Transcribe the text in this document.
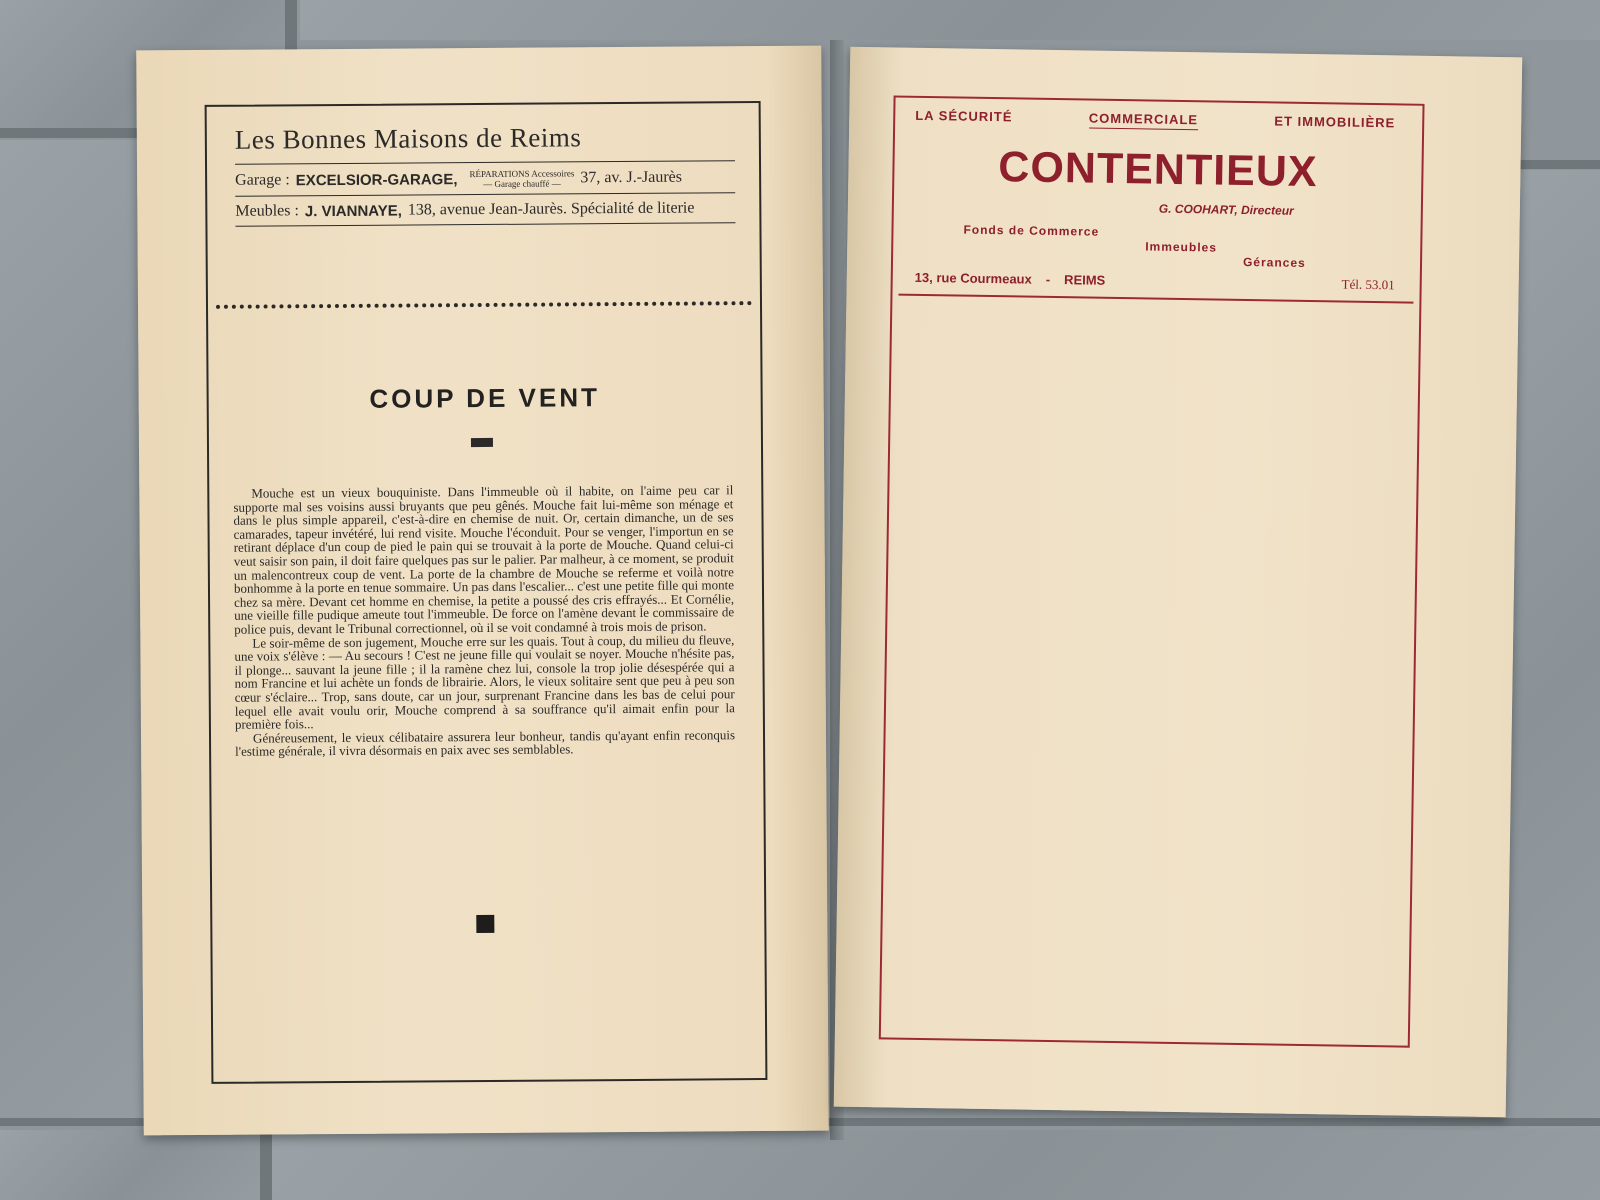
Les Bonnes Maisons de Reims
Garage : EXCELSIOR-GARAGE, RÉPARATIONS Accessoires
— Garage chauffé —	37, av. J.-Jaurès
Meubles : J. VIANNAYE, 138, avenue Jean-Jaurès. Spécialité de literie
COUP DE VENT

Mouche est un vieux bouquiniste. Dans l'immeuble où il habite, on l'aime peu car il supporte mal ses voisins aussi bruyants que peu gênés. Mouche fait lui-même son ménage et dans le plus simple appareil, c'est-à-dire en chemise de nuit. Or, certain dimanche, un de ses camarades, tapeur invétéré, lui rend visite. Mouche l'éconduit. Pour se venger, l'importun en se retirant déplace d'un coup de pied le pain qui se trouvait à la porte de Mouche. Quand celui-ci veut saisir son pain, il doit faire quelques pas sur le palier. Par malheur, à ce moment, se produit un malencontreux coup de vent. La porte de la chambre de Mouche se referme et voilà notre bonhomme à la porte en tenue sommaire. Un pas dans l'escalier... c'est une petite fille qui monte chez sa mère. Devant cet homme en chemise, la petite a poussé des cris effrayés... Et Cornélie, une vieille fille pudique ameute tout l'immeuble. De force on l'amène devant le commissaire de police puis, devant le Tribunal correctionnel, où il se voit condamné à trois mois de prison.

Le soir-même de son jugement, Mouche erre sur les quais. Tout à coup, du milieu du fleuve, une voix s'élève : — Au secours ! C'est ne jeune fille qui voulait se noyer. Mouche n'hésite pas, il plonge... sauvant la jeune fille ; il la ramène chez lui, console la trop jolie désespérée qui a nom Francine et lui achète un fonds de librairie. Alors, le vieux solitaire sent que peu à peu son cœur s'éclaire... Trop, sans doute, car un jour, surprenant Francine dans les bas de celui pour lequel elle avait voulu orir, Mouche comprend à sa souffrance qu'il aimait enfin pour la première fois...

Généreusement, le vieux célibataire assurera leur bonheur, tandis qu'ayant enfin reconquis l'estime générale, il vivra désormais en paix avec ses semblables.

LA SÉCURITÉ	COMMERCIALE	ET IMMOBILIÈRE
CONTENTIEUX
G. COOHART, Directeur
Fonds de Commerce
Immeubles
Gérances
13, rue Courmeaux - REIMS	Tél. 53.01
